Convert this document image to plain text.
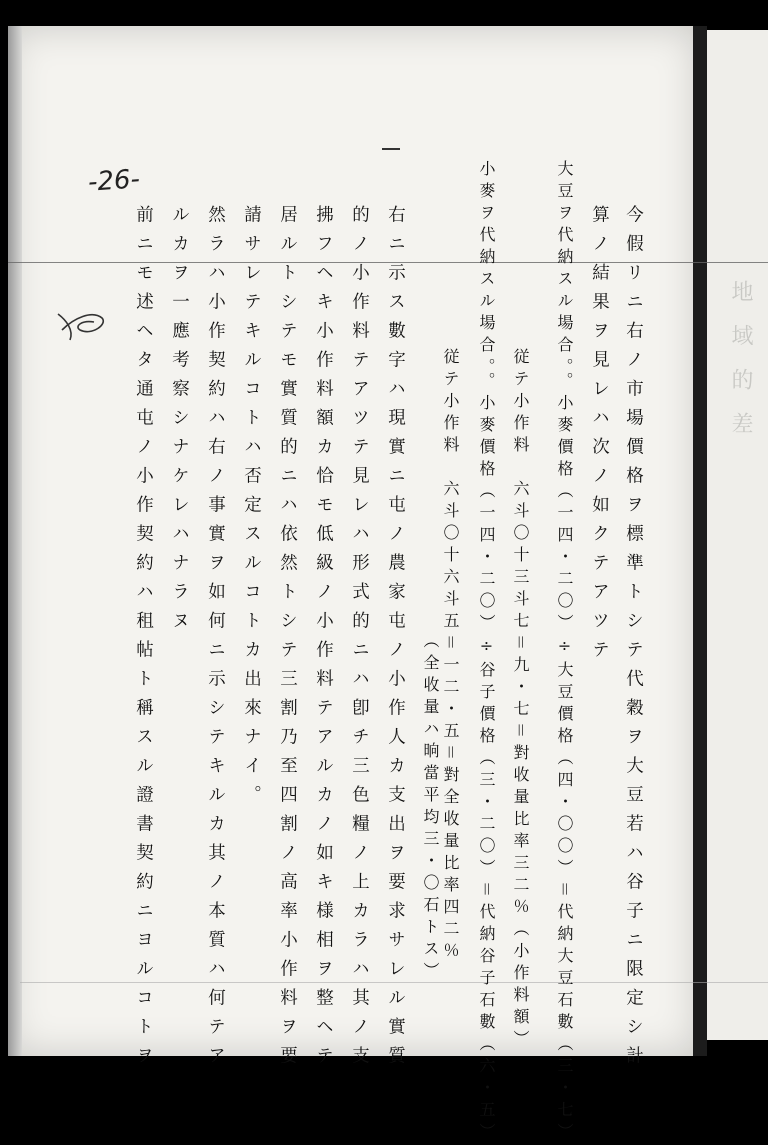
地域的差
-26-
今假リニ右ノ市場價格ヲ標準トシテ代穀ヲ大豆若ハ谷子ニ限定シ計
算ノ結果ヲ見レハ次ノ如クテアツテ
大豆ヲ代納スル場合。。小麥價格（一四・二〇）÷大豆價格（四・〇〇）＝代納大豆石數（三・七）
従テ小作料　六斗〇十三斗七＝九・七＝對收量比率三二％（小作料額）
小麥ヲ代納スル場合。。小麥價格（一四・二〇）÷谷子價格（三・二〇）＝代納谷子石數（六・五）
従テ小作料　六斗〇十六斗五＝一二・五＝對全收量比率四二％
（全收量ハ晌當平均三・〇石トス）
右ニ示ス數字ハ現實ニ屯ノ農家屯ノ小作人カ支出ヲ要求サレル實質
的ノ小作料テアツテ見レハ形式的ニハ卽チ三色糧ノ上カラハ其ノ支
拂フヘキ小作料額カ恰モ低級ノ小作料テアルカノ如キ様相ヲ整ヘテ
居ルトシテモ實質的ニハ依然トシテ三割乃至四割ノ高率小作料ヲ要
請サレテキルコトハ否定スルコトカ出來ナイ。
然ラハ小作契約ハ右ノ事實ヲ如何ニ示シテキルカ其ノ本質ハ何テア
ルカヲ一應考察シナケレハナラヌ
前ニモ述ヘタ通屯ノ小作契約ハ租帖ト稱スル證書契約ニヨルコトヲ
